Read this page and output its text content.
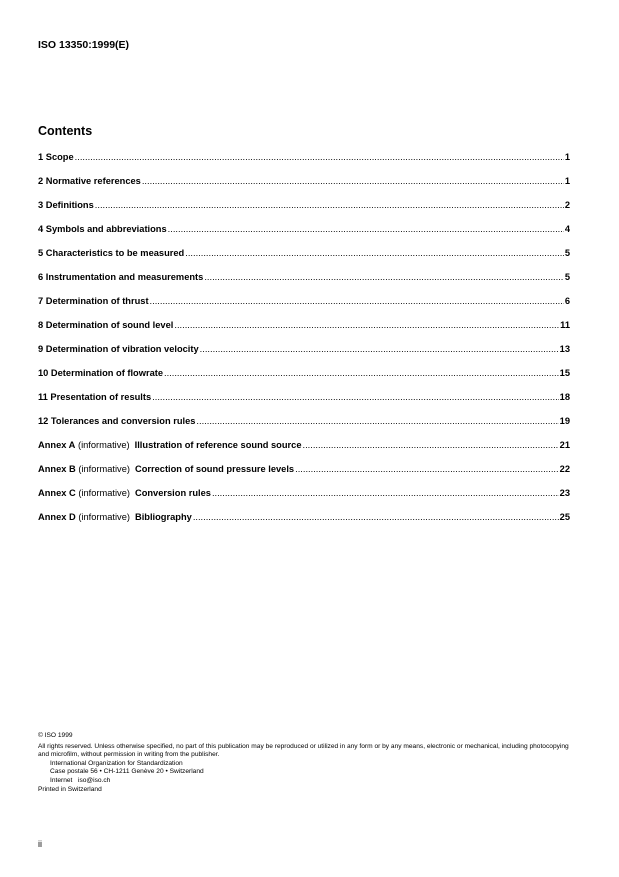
ISO 13350:1999(E)
Contents
1 Scope .....	1
2 Normative references .....	1
3 Definitions .....	2
4 Symbols and abbreviations .....	4
5 Characteristics to be measured .....	5
6 Instrumentation and measurements .....	5
7 Determination of thrust .....	6
8 Determination of sound level .....	11
9 Determination of vibration velocity .....	13
10 Determination of flowrate .....	15
11 Presentation of results .....	18
12 Tolerances and conversion rules .....	19
Annex A
(informative) Illustration of reference sound source .....	21
Annex B
(informative) Correction of sound pressure levels .....	22
Annex C
(informative) Conversion rules .....	23
Annex D
(informative) Bibliography .....	25
© ISO 1999
All rights reserved. Unless otherwise specified, no part of this publication may be reproduced or utilized in any form or by any means, electronic or mechanical, including photocopying and microfilm, without permission in writing from the publisher.
International Organization for Standardization
Case postale 56 • CH-1211 Genève 20 • Switzerland
Internet iso@iso.ch
Printed in Switzerland
ii
